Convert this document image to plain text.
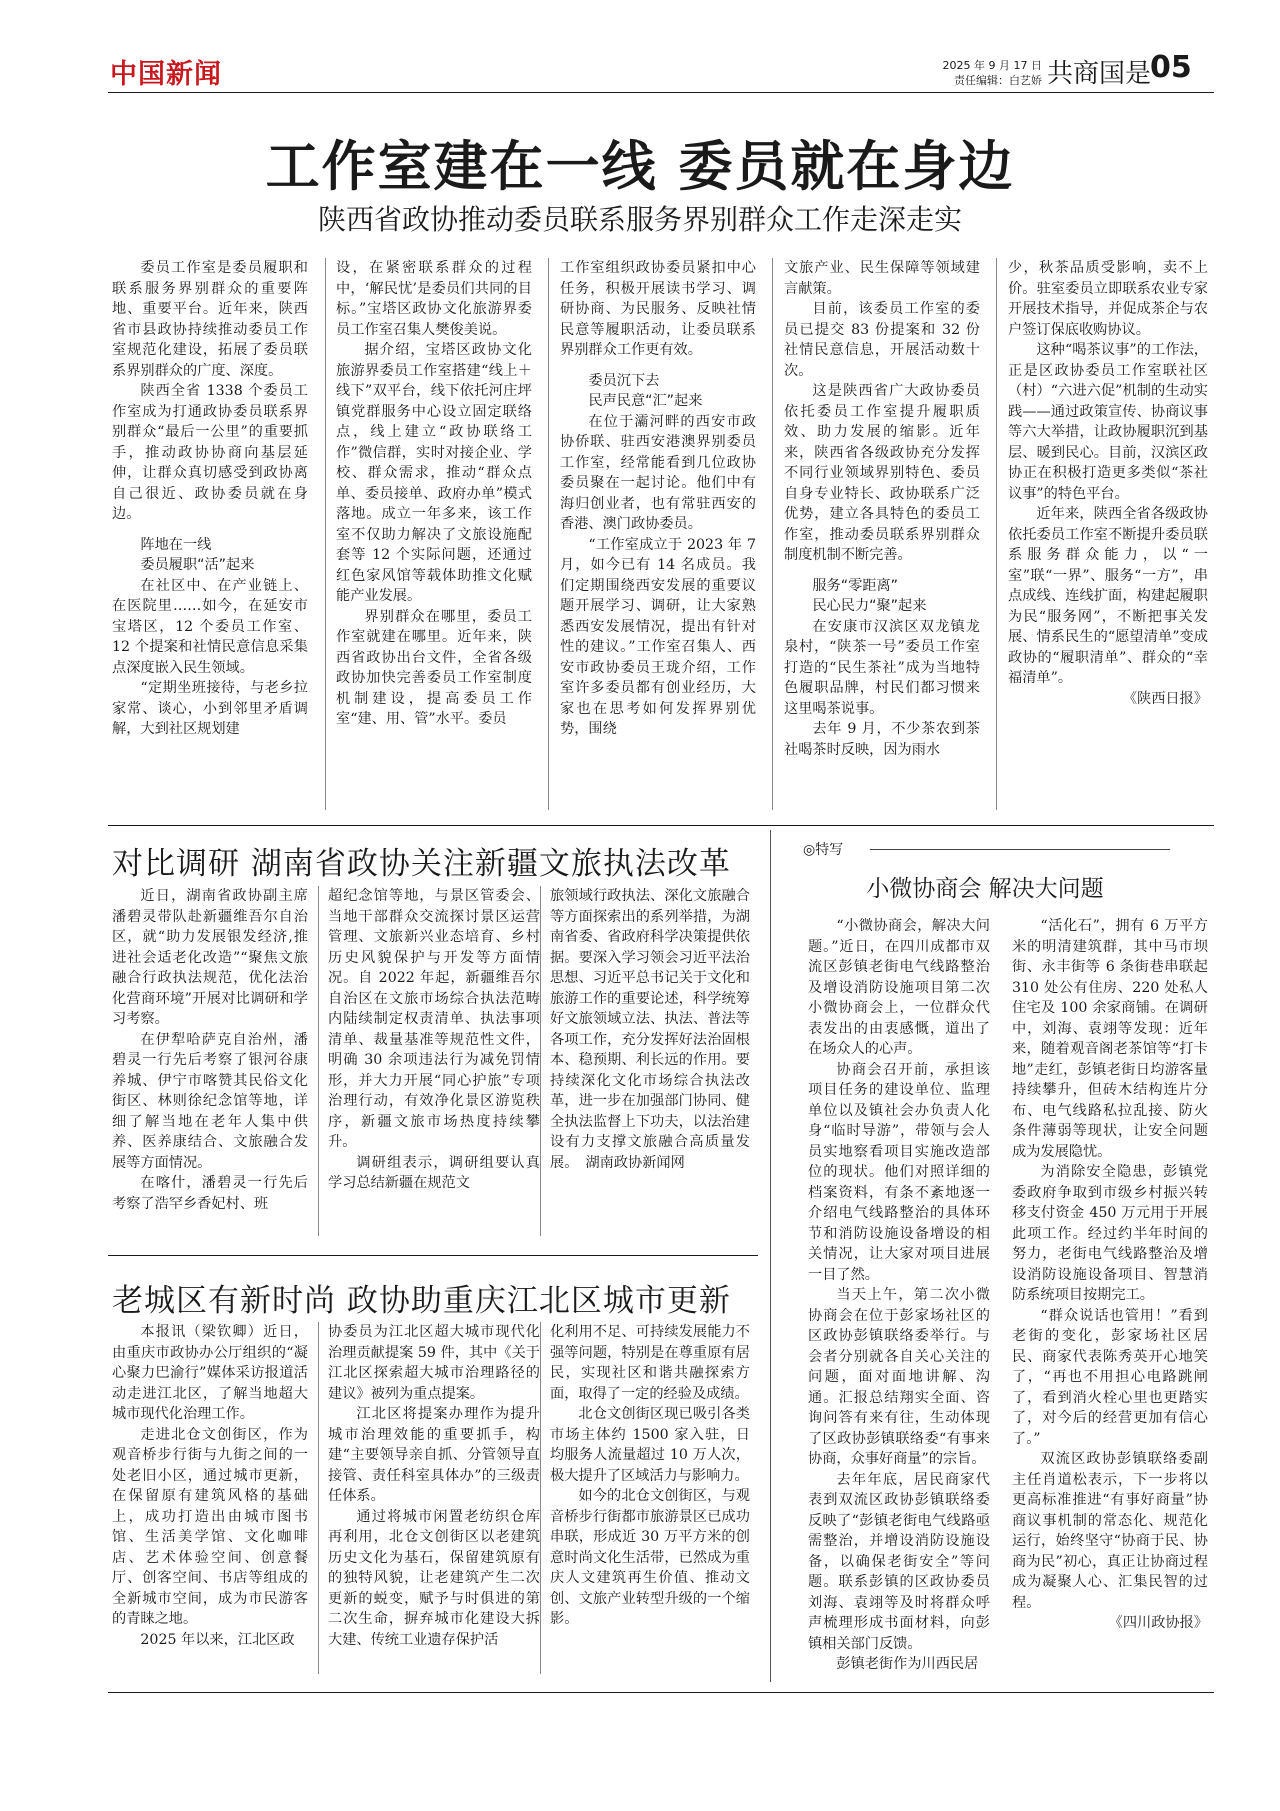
中国新闻	2025 年 9 月 17 日
责任编辑：白艺娇 共商国是
05
工作室建在一线 委员就在身边
陕西省政协推动委员联系服务界别群众工作走深走实

委员工作室是委员履职和联系服务界别群众的重要阵地、重要平台。近年来，陕西省市县政协持续推动委员工作室规范化建设，拓展了委员联系界别群众的广度、深度。

陕西全省 1338 个委员工作室成为打通政协委员联系界别群众“最后一公里”的重要抓手，推动政协协商向基层延伸，让群众真切感受到政协离自己很近、政协委员就在身边。

阵地在一线

委员履职“活”起来

在社区中、在产业链上、在医院里……如今，在延安市宝塔区，12 个委员工作室、12 个提案和社情民意信息采集点深度嵌入民生领域。

“定期坐班接待，与老乡拉家常、谈心，小到邻里矛盾调解，大到社区规划建

设，在紧密联系群众的过程中，‘解民忧’是委员们共同的目标。”宝塔区政协文化旅游界委员工作室召集人樊俊美说。

据介绍，宝塔区政协文化旅游界委员工作室搭建“线上＋线下”双平台，线下依托河庄坪镇党群服务中心设立固定联络点，线上建立“政协联络工作”微信群，实时对接企业、学校、群众需求，推动“群众点单、委员接单、政府办单”模式落地。成立一年多来，该工作室不仅助力解决了文旅设施配套等 12 个实际问题，还通过红色家风馆等载体助推文化赋能产业发展。

界别群众在哪里，委员工作室就建在哪里。近年来，陕西省政协出台文件，全省各级政协加快完善委员工作室制度机制建设，提高委员工作室“建、用、管”水平。委员

工作室组织政协委员紧扣中心任务，积极开展读书学习、调研协商、为民服务、反映社情民意等履职活动，让委员联系界别群众工作更有效。

委员沉下去

民声民意“汇”起来

在位于灞河畔的西安市政协侨联、驻西安港澳界别委员工作室，经常能看到几位政协委员聚在一起讨论。他们中有海归创业者，也有常驻西安的香港、澳门政协委员。

“工作室成立于 2023 年 7 月，如今已有 14 名成员。我们定期围绕西安发展的重要议题开展学习、调研，让大家熟悉西安发展情况，提出有针对性的建议。”工作室召集人、西安市政协委员王珑介绍，工作室许多委员都有创业经历，大家也在思考如何发挥界别优势，围绕

文旅产业、民生保障等领域建言献策。

目前，该委员工作室的委员已提交 83 份提案和 32 份社情民意信息，开展活动数十次。

这是陕西省广大政协委员依托委员工作室提升履职质效、助力发展的缩影。近年来，陕西省各级政协充分发挥不同行业领域界别特色、委员自身专业特长、政协联系广泛优势，建立各具特色的委员工作室，推动委员联系界别群众制度机制不断完善。

服务“零距离”

民心民力“聚”起来

在安康市汉滨区双龙镇龙泉村，“陕茶一号”委员工作室打造的“民生茶社”成为当地特色履职品牌，村民们都习惯来这里喝茶说事。

去年 9 月，不少茶农到茶社喝茶时反映，因为雨水

少，秋茶品质受影响，卖不上价。驻室委员立即联系农业专家开展技术指导，并促成茶企与农户签订保底收购协议。

这种“喝茶议事”的工作法，正是区政协委员工作室联社区（村）“六进六促”机制的生动实践——通过政策宣传、协商议事等六大举措，让政协履职沉到基层、暖到民心。目前，汉滨区政协正在积极打造更多类似“茶社议事”的特色平台。

近年来，陕西全省各级政协依托委员工作室不断提升委员联系服务群众能力，以“一室”联“一界”、服务“一方”，串点成线、连线扩面，构建起履职为民“服务网”，不断把事关发展、情系民生的“愿望清单”变成政协的“履职清单”、群众的“幸福清单”。

《陕西日报》

对比调研 湖南省政协关注新疆文旅执法改革

近日，湖南省政协副主席潘碧灵带队赴新疆维吾尔自治区，就“助力发展银发经济,推进社会适老化改造”“聚焦文旅融合行政执法规范，优化法治化营商环境”开展对比调研和学习考察。

在伊犁哈萨克自治州，潘碧灵一行先后考察了银河谷康养城、伊宁市喀赞其民俗文化街区、林则徐纪念馆等地，详细了解当地在老年人集中供养、医养康结合、文旅融合发展等方面情况。

在喀什，潘碧灵一行先后考察了浩罕乡香妃村、班

超纪念馆等地，与景区管委会、当地干部群众交流探讨景区运营管理、文旅新兴业态培育、乡村历史风貌保护与开发等方面情况。自 2022 年起，新疆维吾尔自治区在文旅市场综合执法范畴内陆续制定权责清单、执法事项清单、裁量基准等规范性文件，明确 30 余项违法行为减免罚情形，并大力开展“同心护旅”专项治理行动，有效净化景区游览秩序，新疆文旅市场热度持续攀升。

调研组表示，调研组要认真学习总结新疆在规范文

旅领域行政执法、深化文旅融合等方面探索出的系列举措，为湖南省委、省政府科学决策提供依据。要深入学习领会习近平法治思想、习近平总书记关于文化和旅游工作的重要论述，科学统筹好文旅领域立法、执法、普法等各项工作，充分发挥好法治固根本、稳预期、利长远的作用。要持续深化文化市场综合执法改革，进一步在加强部门协同、健全执法监督上下功夫，以法治建设有力支撑文旅融合高质量发展。　湖南政协新闻网

老城区有新时尚 政协助重庆江北区城市更新

本报讯（梁钦卿）近日，由重庆市政协办公厅组织的“凝心聚力巴渝行”媒体采访报道活动走进江北区，了解当地超大城市现代化治理工作。

走进北仓文创街区，作为观音桥步行街与九街之间的一处老旧小区，通过城市更新，在保留原有建筑风格的基础上，成功打造出由城市图书馆、生活美学馆、文化咖啡店、艺术体验空间、创意餐厅、创客空间、书店等组成的全新城市空间，成为市民游客的青睐之地。

2025 年以来，江北区政

协委员为江北区超大城市现代化治理贡献提案 59 件，其中《关于江北区探索超大城市治理路径的建议》被列为重点提案。

江北区将提案办理作为提升城市治理效能的重要抓手，构建“主要领导亲自抓、分管领导直接管、责任科室具体办”的三级责任体系。

通过将城市闲置老纺织仓库再利用，北仓文创街区以老建筑历史文化为基石，保留建筑原有的独特风貌，让老建筑产生二次更新的蜕变，赋予与时俱进的第二次生命，摒弃城市化建设大拆大建、传统工业遗存保护活

化利用不足、可持续发展能力不强等问题，特别是在尊重原有居民，实现社区和谐共融探索方面，取得了一定的经验及成绩。

北仓文创街区现已吸引各类市场主体约 1500 家入驻，日均服务人流量超过 10 万人次，极大提升了区域活力与影响力。

如今的北仓文创街区，与观音桥步行街都市旅游景区已成功串联，形成近 30 万平方米的创意时尚文化生活带，已然成为重庆人文建筑再生价值、推动文创、文旅产业转型升级的一个缩影。

◎特写
小微协商会 解决大问题

“小微协商会，解决大问题。”近日，在四川成都市双流区彭镇老街电气线路整治及增设消防设施项目第二次小微协商会上，一位群众代表发出的由衷感慨，道出了在场众人的心声。

协商会召开前，承担该项目任务的建设单位、监理单位以及镇社会办负责人化身“临时导游”，带领与会人员实地察看项目实施改造部位的现状。他们对照详细的档案资料，有条不紊地逐一介绍电气线路整治的具体环节和消防设施设备增设的相关情况，让大家对项目进展一目了然。

当天上午，第二次小微协商会在位于彭家场社区的区政协彭镇联络委举行。与会者分别就各自关心关注的问题，面对面地讲解、沟通。汇报总结翔实全面、咨询问答有来有往，生动体现了区政协彭镇联络委“有事来协商，众事好商量”的宗旨。

去年年底，居民商家代表到双流区政协彭镇联络委反映了“彭镇老街电气线路亟需整治，并增设消防设施设备，以确保老街安全”等问题。联系彭镇的区政协委员刘海、袁翊等及时将群众呼声梳理形成书面材料，向彭镇相关部门反馈。

彭镇老街作为川西民居

“活化石”，拥有 6 万平方米的明清建筑群，其中马市坝街、永丰街等 6 条街巷串联起 310 处公有住房、220 处私人住宅及 100 余家商铺。在调研中，刘海、袁翊等发现：近年来，随着观音阁老茶馆等“打卡地”走红，彭镇老街日均游客量持续攀升，但砖木结构连片分布、电气线路私拉乱接、防火条件薄弱等现状，让安全问题成为发展隐忧。

为消除安全隐患，彭镇党委政府争取到市级乡村振兴转移支付资金 450 万元用于开展此项工作。经过约半年时间的努力，老街电气线路整治及增设消防设施设备项目、智慧消防系统项目按期完工。

“群众说话也管用！”看到老街的变化，彭家场社区居民、商家代表陈秀英开心地笑了，“再也不用担心电路跳闸了，看到消火栓心里也更踏实了，对今后的经营更加有信心了。”

双流区政协彭镇联络委副主任肖道松表示，下一步将以更高标准推进“有事好商量”协商议事机制的常态化、规范化运行，始终坚守“协商于民、协商为民”初心，真正让协商过程成为凝聚人心、汇集民智的过程。

《四川政协报》
